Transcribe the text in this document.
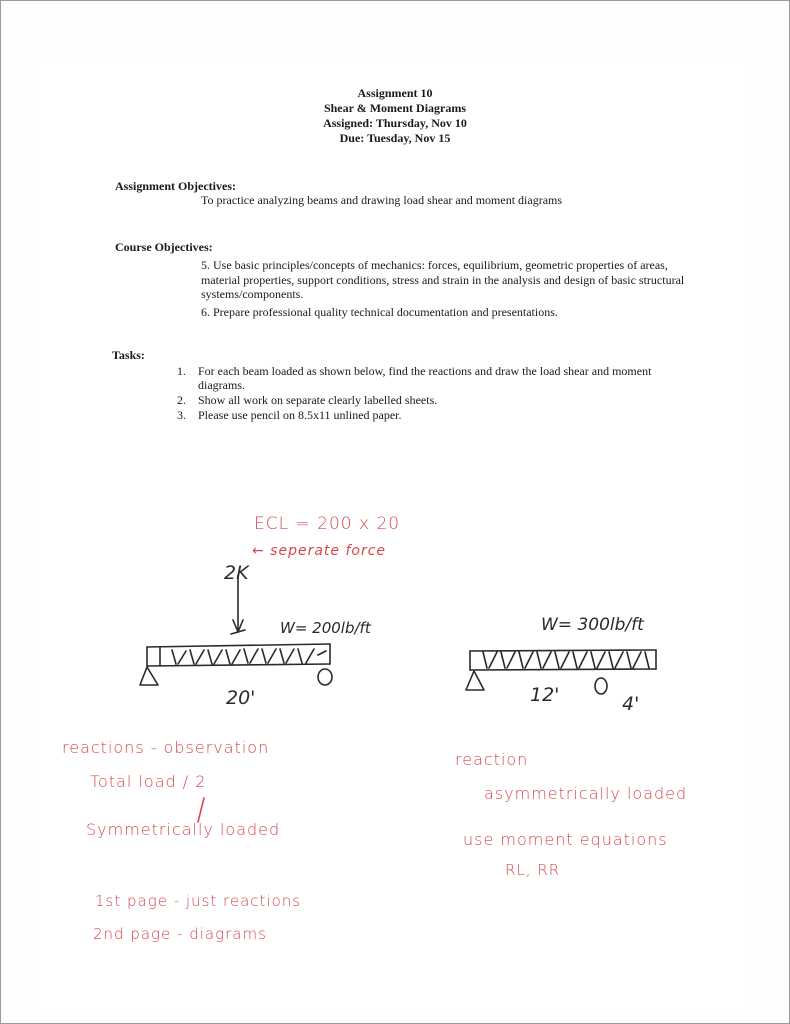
Assignment 10
Shear & Moment Diagrams
Assigned: Thursday, Nov 10
Due: Tuesday, Nov 15
Assignment Objectives:
To practice analyzing beams and drawing load shear and moment diagrams
Course Objectives:
5. Use basic principles/concepts of mechanics: forces, equilibrium, geometric properties of areas, material properties, support conditions, stress and strain in the analysis and design of basic structural systems/components.
6. Prepare professional quality technical documentation and presentations.
Tasks:
1.	For each beam loaded as shown below, find the reactions and draw the load shear and moment diagrams.
2.	Show all work on separate clearly labelled sheets.
3.	Please use pencil on 8.5x11 unlined paper.
ECL = 200 x 20
2K
← seperate force
W= 200lb/ft
20'
W= 300lb/ft
12'	4'
reactions - observation
Total load / 2
Symmetrically loaded
1st page - just reactions
2nd page - diagrams
reaction
asymmetrically loaded
use moment equations
RL, RR
